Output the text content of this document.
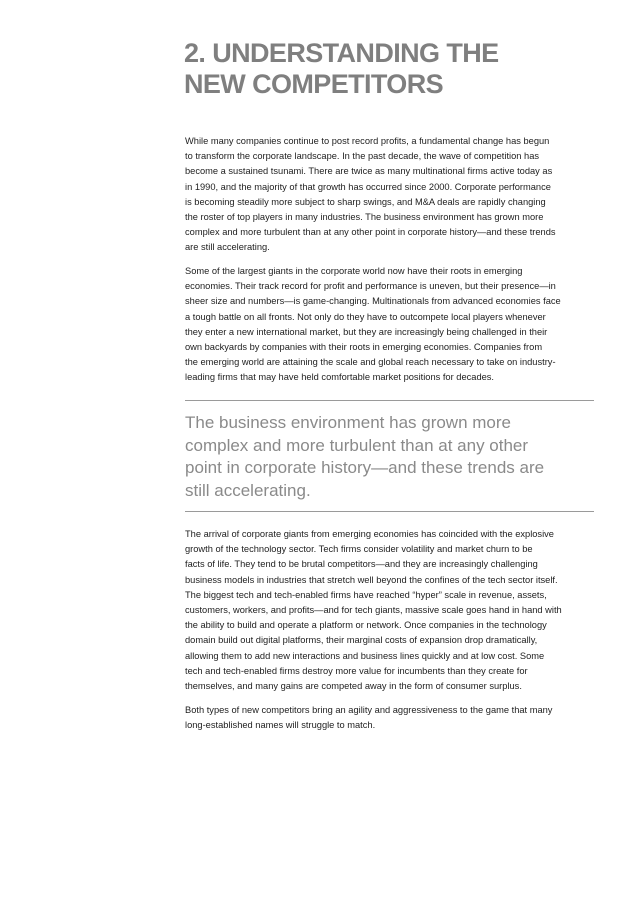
2. UNDERSTANDING THE
NEW COMPETITORS

While many companies continue to post record profits, a fundamental change has begun
to transform the corporate landscape. In the past decade, the wave of competition has
become a sustained tsunami. There are twice as many multinational firms active today as
in 1990, and the majority of that growth has occurred since 2000. Corporate performance
is becoming steadily more subject to sharp swings, and M&A deals are rapidly changing
the roster of top players in many industries. The business environment has grown more
complex and more turbulent than at any other point in corporate history—and these trends
are still accelerating.

Some of the largest giants in the corporate world now have their roots in emerging
economies. Their track record for profit and performance is uneven, but their presence—in
sheer size and numbers—is game-changing. Multinationals from advanced economies face
a tough battle on all fronts. Not only do they have to outcompete local players whenever
they enter a new international market, but they are increasingly being challenged in their
own backyards by companies with their roots in emerging economies. Companies from
the emerging world are attaining the scale and global reach necessary to take on industry-
leading firms that may have held comfortable market positions for decades.

The business environment has grown more
complex and more turbulent than at any other
point in corporate history—and these trends are
still accelerating.

The arrival of corporate giants from emerging economies has coincided with the explosive
growth of the technology sector. Tech firms consider volatility and market churn to be
facts of life. They tend to be brutal competitors—and they are increasingly challenging
business models in industries that stretch well beyond the confines of the tech sector itself.
The biggest tech and tech-enabled firms have reached “hyper” scale in revenue, assets,
customers, workers, and profits—and for tech giants, massive scale goes hand in hand with
the ability to build and operate a platform or network. Once companies in the technology
domain build out digital platforms, their marginal costs of expansion drop dramatically,
allowing them to add new interactions and business lines quickly and at low cost. Some
tech and tech-enabled firms destroy more value for incumbents than they create for
themselves, and many gains are competed away in the form of consumer surplus.

Both types of new competitors bring an agility and aggressiveness to the game that many
long-established names will struggle to match.
